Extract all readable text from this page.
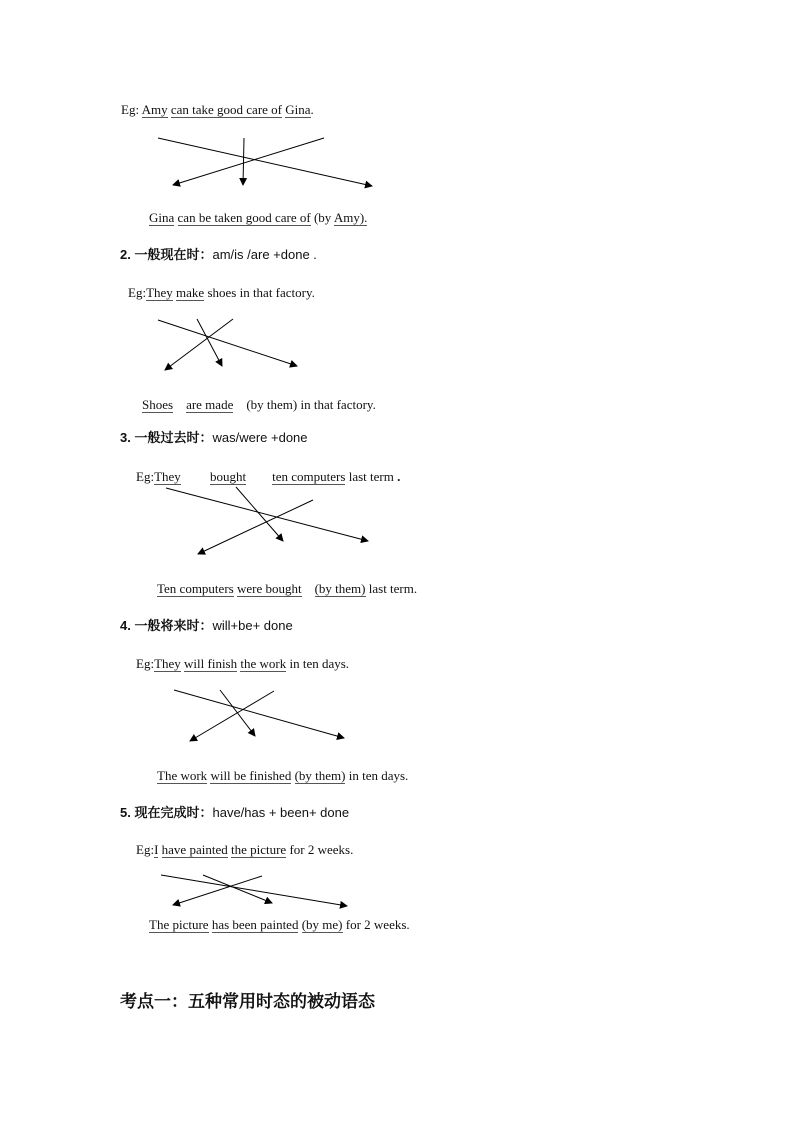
Eg: Amy can take good care of Gina.
Gina can be taken good care of (by Amy).
2. 一般现在时：am/is /are +done .
Eg:They make shoes in that factory.
Shoes are made (by them) in that factory.
3. 一般过去时：was/were +done
Eg:They bought ten computers last term .
Ten computers were bought (by them) last term.
4. 一般将来时：will+be+ done
Eg:They will finish the work in ten days.
The work will be finished (by them) in ten days.
5. 现在完成时：have/has + been+ done
Eg:I have painted the picture for 2 weeks.
The picture has been painted (by me) for 2 weeks.
考点一：五种常用时态的被动语态
